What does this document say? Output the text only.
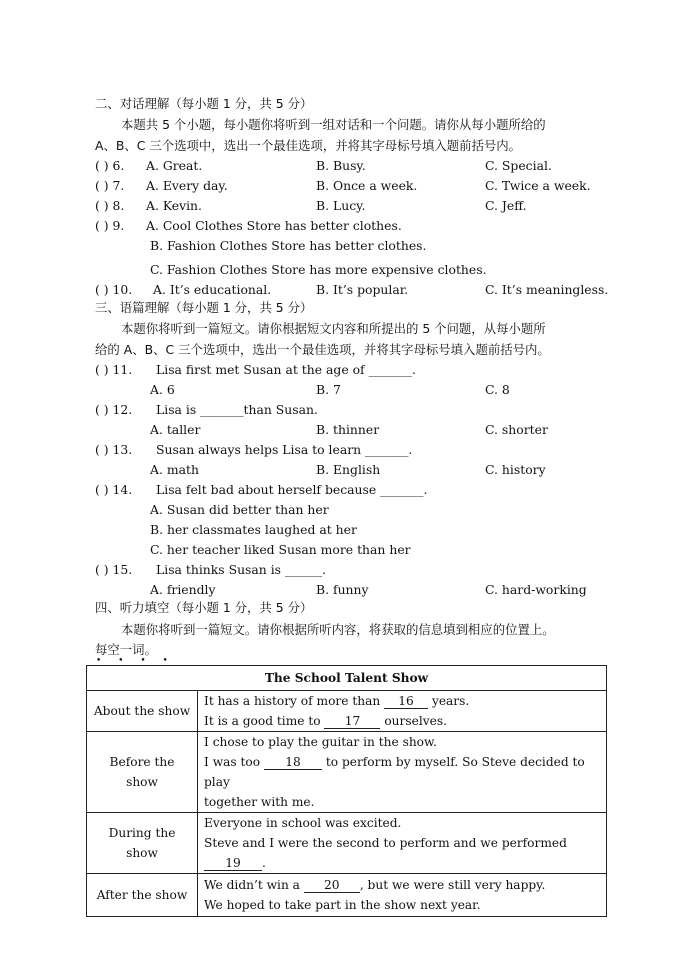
二、对话理解（每小题 1 分，共 5 分）
本题共 5 个小题，每小题你将听到一组对话和一个问题。请你从每小题所给的
A、B、C 三个选项中，选出一个最佳选项，并将其字母标号填入题前括号内。
( ) 6. A. Great.	B. Busy.	C. Special.
( ) 7. A. Every day.	B. Once a week.	C. Twice a week.
( ) 8. A. Kevin.	B. Lucy.	C. Jeff.
( ) 9. A. Cool Clothes Store has better clothes.
B. Fashion Clothes Store has better clothes.
C. Fashion Clothes Store has more expensive clothes.
( ) 10. A. It’s educational.	B. It’s popular.	C. It’s meaningless.
三、语篇理解（每小题 1 分，共 5 分）
本题你将听到一篇短文。请你根据短文内容和所提出的 5 个问题，从每小题所
给的 A、B、C 三个选项中，选出一个最佳选项，并将其字母标号填入题前括号内。
( ) 11. Lisa first met Susan at the age of _______.
A. 6	B. 7	C. 8
( ) 12. Lisa is _______than Susan.
A. taller	B. thinner	C. shorter
( ) 13. Susan always helps Lisa to learn _______.
A. math	B. English	C. history
( ) 14. Lisa felt bad about herself because _______.
A. Susan did better than her
B. her classmates laughed at her
C. her teacher liked Susan more than her
( ) 15. Lisa thinks Susan is ______.
A. friendly	B. funny	C. hard-working
四、听力填空（每小题 1 分，共 5 分）
本题你将听到一篇短文。请你根据所听内容，将获取的信息填到相应的位置上。
每空一词。
• • • •
The School Talent Show	
About the show	It has a history of more than 16 years.
It is a good time to 17 ourselves.

Before the show	I chose to play the guitar in the show.
I was too 18 to perform by myself. So Steve decided to play
together with me.

During the show	Everyone in school was excited.
Steve and I were the second to perform and we performed 19 .

After the show	We didn’t win a 20 , but we were still very happy.
We hoped to take part in the show next year.
